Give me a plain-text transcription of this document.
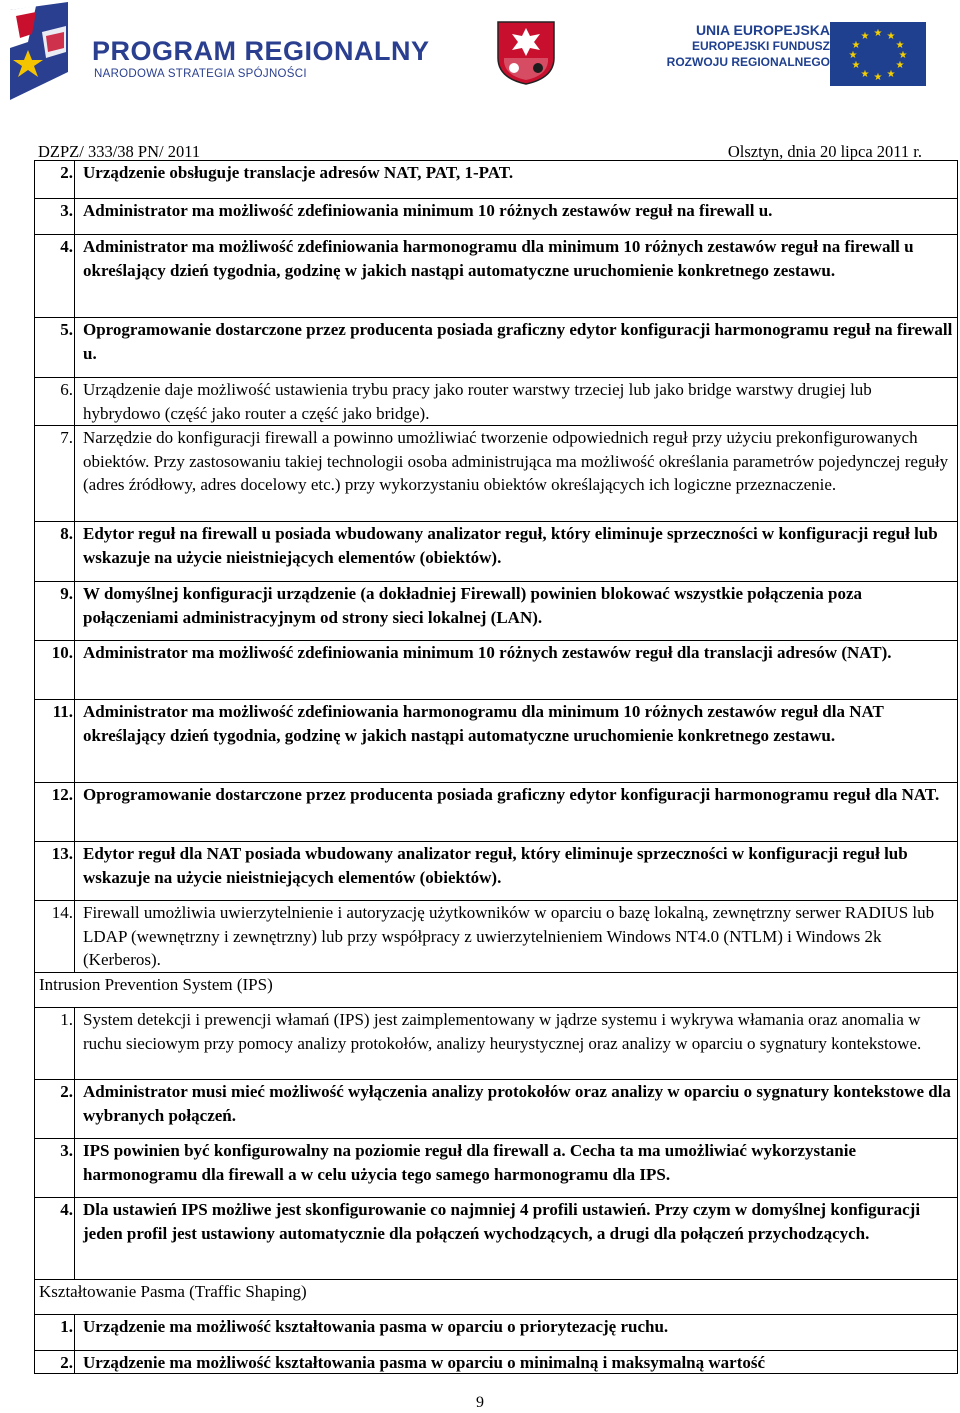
PROGRAM REGIONALNY
NARODOWA STRATEGIA SPÓJNOŚCI
UNIA EUROPEJSKA
EUROPEJSKI FUNDUSZ
ROZWOJU REGIONALNEGO
★ ★
★
★
★
★
★
★
★
★
★
★
DZPZ/ 333/38 PN/ 2011	Olsztyn, dnia 20 lipca 2011 r.
2. Urządzenie obsługuje translacje adresów NAT, PAT, 1-PAT.
3. Administrator ma możliwość zdefiniowania minimum 10 różnych zestawów reguł na firewall u.
4. Administrator ma możliwość zdefiniowania harmonogramu dla minimum 10 różnych zestawów reguł na firewall u określający dzień tygodnia, godzinę w jakich nastąpi automatyczne uruchomienie konkretnego zestawu.
5. Oprogramowanie dostarczone przez producenta posiada graficzny edytor konfiguracji harmonogramu reguł na firewall u.
6. Urządzenie daje możliwość ustawienia trybu pracy jako router warstwy trzeciej lub jako bridge warstwy drugiej lub hybrydowo (część jako router a część jako bridge).
7. Narzędzie do konfiguracji firewall a powinno umożliwiać tworzenie odpowiednich reguł przy użyciu prekonfigurowanych obiektów. Przy zastosowaniu takiej technologii osoba administrująca ma możliwość określania parametrów pojedynczej reguły (adres źródłowy, adres docelowy etc.) przy wykorzystaniu obiektów określających ich logiczne przeznaczenie.
8. Edytor reguł na firewall u posiada wbudowany analizator reguł, który eliminuje sprzeczności w konfiguracji reguł lub wskazuje na użycie nieistniejących elementów (obiektów).
9. W domyślnej konfiguracji urządzenie (a dokładniej Firewall) powinien blokować wszystkie połączenia poza połączeniami administracyjnym od strony sieci lokalnej (LAN).
10. Administrator ma możliwość zdefiniowania minimum 10 różnych zestawów reguł dla translacji adresów (NAT).
11. Administrator ma możliwość zdefiniowania harmonogramu dla minimum 10 różnych zestawów reguł dla NAT określający dzień tygodnia, godzinę w jakich nastąpi automatyczne uruchomienie konkretnego zestawu.
12. Oprogramowanie dostarczone przez producenta posiada graficzny edytor konfiguracji harmonogramu reguł dla NAT.
13. Edytor reguł dla NAT posiada wbudowany analizator reguł, który eliminuje sprzeczności w konfiguracji reguł lub wskazuje na użycie nieistniejących elementów (obiektów).
14. Firewall umożliwia uwierzytelnienie i autoryzację użytkowników w oparciu o bazę lokalną, zewnętrzny serwer RADIUS lub LDAP (wewnętrzny i zewnętrzny) lub przy współpracy z uwierzytelnieniem Windows NT4.0 (NTLM) i Windows 2k (Kerberos).
Intrusion Prevention System (IPS)
1. System detekcji i prewencji włamań (IPS) jest zaimplementowany w jądrze systemu i wykrywa włamania oraz anomalia w ruchu sieciowym przy pomocy analizy protokołów, analizy heurystycznej oraz analizy w oparciu o sygnatury kontekstowe.
2. Administrator musi mieć możliwość wyłączenia analizy protokołów oraz analizy w oparciu o sygnatury kontekstowe dla wybranych połączeń.
3. IPS powinien być konfigurowalny na poziomie reguł dla firewall a. Cecha ta ma umożliwiać wykorzystanie harmonogramu dla firewall a w celu użycia tego samego harmonogramu dla IPS.
4. Dla ustawień IPS możliwe jest skonfigurowanie co najmniej 4 profili ustawień. Przy czym w domyślnej konfiguracji jeden profil jest ustawiony automatycznie dla połączeń wychodzących, a drugi dla połączeń przychodzących.
Kształtowanie Pasma (Traffic Shaping)
1. Urządzenie ma możliwość kształtowania pasma w oparciu o priorytezację ruchu.
2. Urządzenie ma możliwość kształtowania pasma w oparciu o minimalną i maksymalną wartość
9
